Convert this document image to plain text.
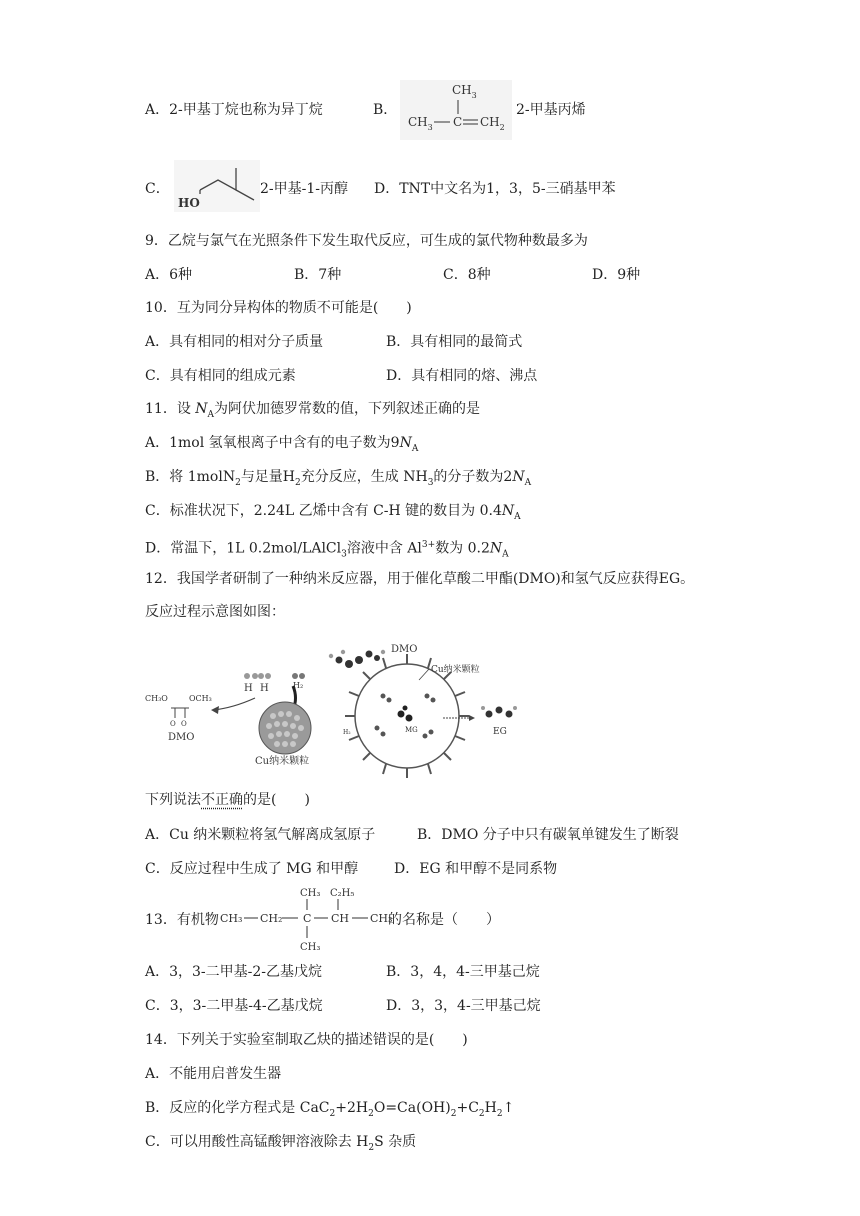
A．2-甲基丁烷也称为异丁烷	B．
$CH_3$
$CH_3$ C $CH_2$
2-甲基丙烯
C．
HO
2-甲基-1-丙醇 D．TNT中文名为1，3，5-三硝基甲苯
9．乙烷与氯气在光照条件下发生取代反应，可生成的氯代物种数最多为
A．6种	B．7种	C．8种	D．9种
10．互为同分异构体的物质不可能是(　　)
A．具有相同的相对分子质量	B．具有相同的最简式
C．具有相同的组成元素	D．具有相同的熔、沸点
11．设 $N_A$为阿伏加德罗常数的值，下列叙述正确的是
A．1mol 氢氧根离子中含有的电子数为$9N_A$
B．将 1molN$_2$与足量$H_2$充分反应，生成 $NH_3$的分子数为$2N_A$
C．标准状况下，2.24L 乙烯中含有 C-H 键的数目为 $0.4N_A$
D．常温下，1L 0.2mol/LAlCl$_3$溶液中含 $Al^{3+}$数为 $0.2N_A$
12．我国学者研制了一种纳米反应器，用于催化草酸二甲酯(DMO)和氢气反应获得EG。
反应过程示意图如图：
CH₃O	OCH₃
O O
DMO
H H	H₂
Cu纳米颗粒
DMO
Cu纳米颗粒
MG
H₂	EG
下列说法不正确的是(　　)
A．Cu 纳米颗粒将氢气解离成氢原子	B．DMO 分子中只有碳氧单键发生了断裂
C．反应过程中生成了 MG 和甲醇	D．EG 和甲醇不是同系物
13．有机物 CH₃ CH₂ C CH CH₃
CH₃ C₂H₅
CH₃
的名称是（　　）
A．3，3-二甲基-2-乙基戊烷	B．3，4，4-三甲基己烷
C．3，3-二甲基-4-乙基戊烷	D．3，3，4-三甲基己烷
14．下列关于实验室制取乙炔的描述错误的是(　　)
A．不能用启普发生器
B．反应的化学方程式是 $CaC_2+2H_2O=Ca(OH)_2+C_2H_2↑$
C．可以用酸性高锰酸钾溶液除去 $H_2S$ 杂质
